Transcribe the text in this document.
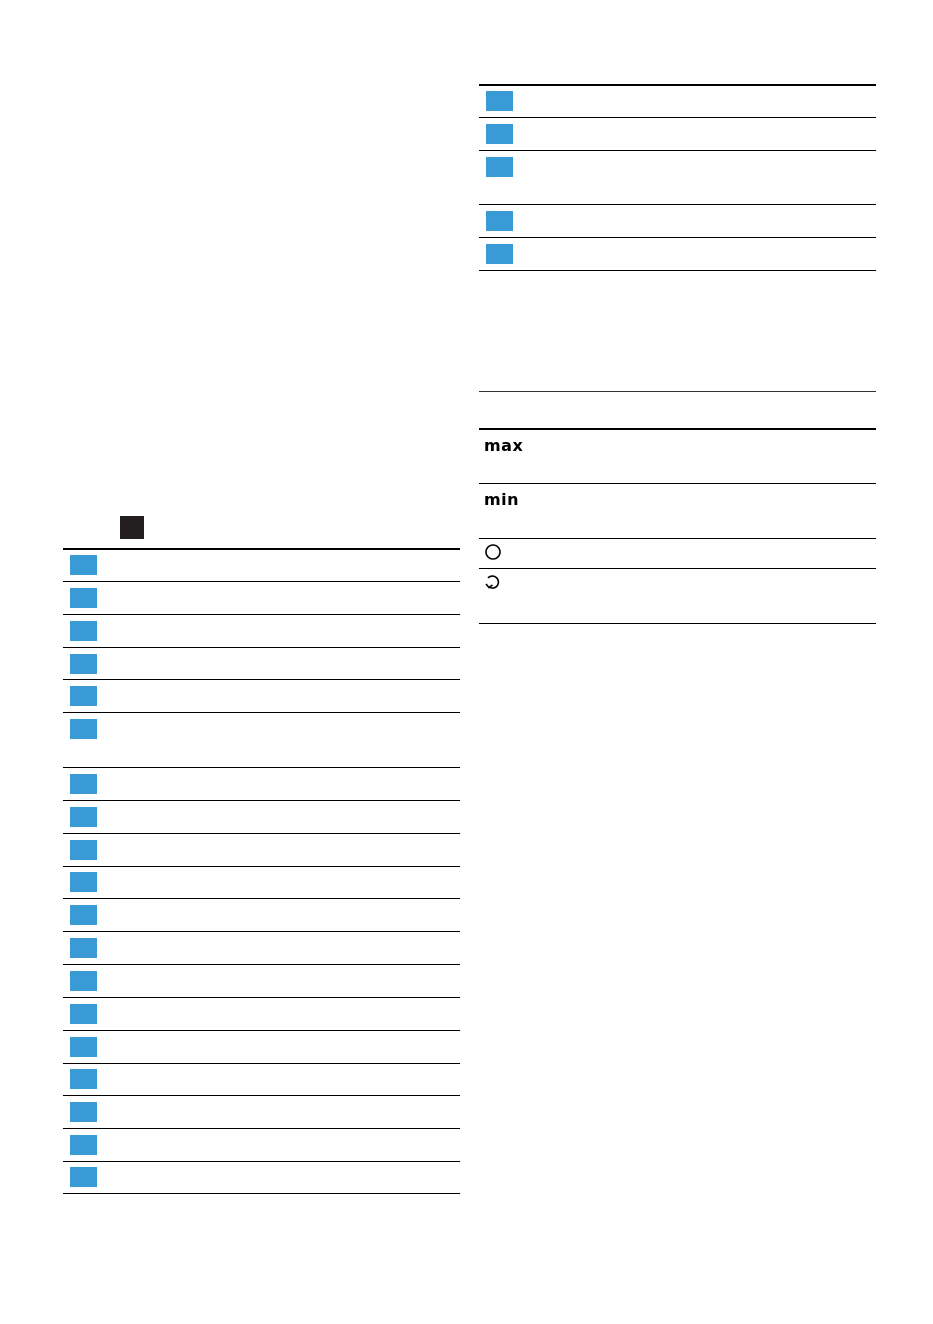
max
min
